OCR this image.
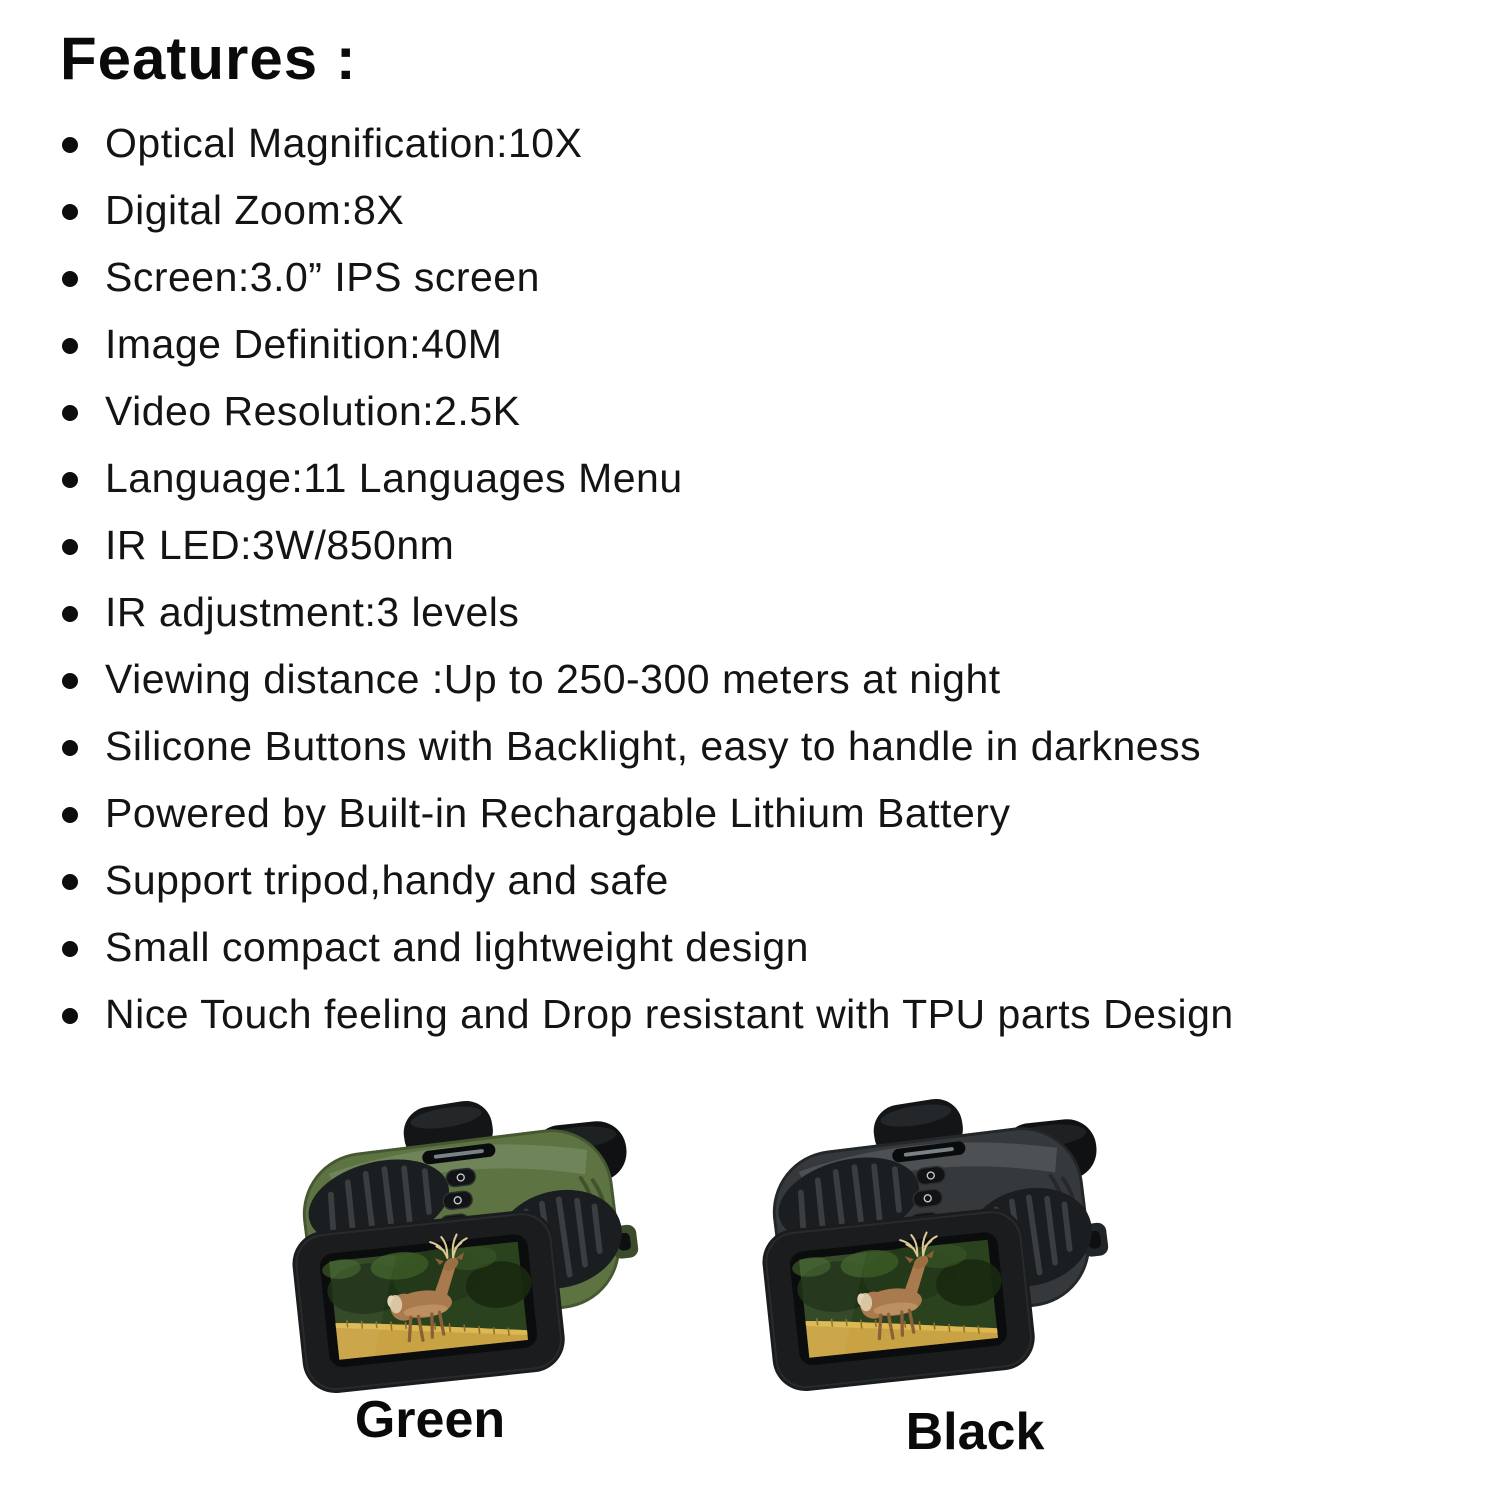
Features :
Optical Magnification:10X
Digital Zoom:8X
Screen:3.0” IPS screen
Image Definition:40M
Video Resolution:2.5K
Language:11 Languages Menu
IR LED:3W/850nm
IR adjustment:3 levels
Viewing distance :Up to 250-300 meters at night
Silicone Buttons with Backlight, easy to handle in darkness
Powered by Built-in Rechargable Lithium Battery
Support tripod,handy and safe
Small compact and lightweight design
Nice Touch feeling and Drop resistant with TPU parts Design
Green	Black
